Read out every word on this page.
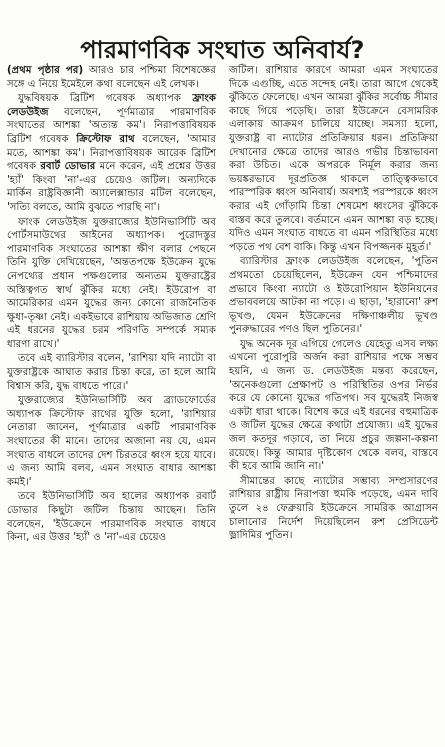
পারমাণবিক সংঘাত অনিবার্য?

(প্রথম পৃষ্ঠার পর) আরও চার পশ্চিমা বিশেষজ্ঞের সঙ্গে এ নিয়ে ইমেইলে কথা বলেছেন এই লেখক।

যুদ্ধবিষয়ক ব্রিটিশ গবেষক অধ্যাপক ফ্রাংক লেডউইজ বলেছেন, পূর্ণমাত্রার পারমাণবিক সংঘাতের আশঙ্কা 'অত্যন্ত কম'। নিরাপত্তাবিষয়ক ব্রিটিশ গবেষক ক্রিস্টোফ রাথ বলেছেন, 'আমার মতে, আশঙ্কা কম'। নিরাপত্তাবিষয়ক আরেক ব্রিটিশ গবেষক রবার্ট ডোভার মনে করেন, এই প্রশ্নের উত্তর 'হ্যাঁ' কিংবা 'না'-এর চেয়েও জটিল। অন্যদিকে মার্কিন রাষ্ট্রবিজ্ঞানী অ্যালেক্সান্ডার মটিল বলেছেন, 'সত্যি বলতে, আমি বুঝতে পারছি না'।

ফাংক লেডউইজ যুক্তরাজ্যের ইউনিভার্সিটি অব পোর্টসমাউথের আইনের অধ্যাপক। পুরোদস্তুর পারমাণবিক সংঘাতের আশঙ্কা ক্ষীণ বলার পেছনে তিনি যুক্তি দেখিয়েছেন, 'অন্ততপক্ষে ইউক্রেন যুদ্ধে নেপথ্যের প্রধান পক্ষগুলোর অন্যতম যুক্তরাষ্ট্রের অস্তিত্বগত স্বার্থ ঝুঁকির মধ্যে নেই। ইউরোপ বা আমেরিকার এমন যুদ্ধের জন্য কোনো রাজনৈতিক ক্ষুধা-তৃষ্ণা নেই। একইভাবে রাশিয়ায় অভিজাত শ্রেণি এই ধরনের যুদ্ধের চরম পরিণতি সম্পর্কে সম্যক ধারণা রাখে।'

তবে এই ব্যারিস্টার বলেন, 'রাশিয়া যদি ন্যাটো বা যুক্তরাষ্ট্রকে আঘাত করার চিন্তা করে, তা হলে আমি বিশ্বাস করি, যুদ্ধ বাধতে পারে।'

যুক্তরাজ্যের ইউনিভার্সিটি অব ব্র্যাডফোর্ডের অধ্যাপক ক্রিস্টোফ রাথের যুক্তি হলো, 'রাশিয়ার নেতারা জানেন, পূর্ণমাত্রার একটি পারমাণবিক সংঘাতের কী মানে। তাদের অজানা নয় যে, এমন সংঘাত বাধলে তাদের দেশ চিরতরে ধ্বংস হয়ে যাবে। এ জন্য আমি বলব, এমন সংঘাত বাধার আশঙ্কা কমই।'

তবে ইউনিভার্সিটি অব হালের অধ্যাপক রবার্ট ডোভার কিছুটা জটিল চিন্তায় আছেন। তিনি বলেছেন, 'ইউক্রেনে পারমাণবিক সংঘাত বাধবে কিনা, এর উত্তর 'হ্যাঁ' ও 'না'-এর চেয়েও

জটিল। রাশিয়ার কারণে আমরা এমন সংঘাতের দিকে এগুচ্ছি, এতে সন্দেহ নেই। তারা আগে থেকেই ঝুঁকিতে ফেলেছে। এখন আমরা ঝুঁকির সর্বোচ্চ সীমার কাছে গিয়ে পড়েছি। তারা ইউক্রেনে বেসামরিক এলাকায় আক্রমণ চালিয়ে যাচ্ছে। সমস্যা হলো, যুক্তরাষ্ট্র বা ন্যাটোর প্রতিক্রিয়ার ধরন। প্রতিক্রিয়া দেখানোর ক্ষেত্রে তাদের আরও গভীর চিন্তাভাবনা করা উচিত। একে অপরকে নির্মূল করার জন্য ভয়ঙ্করভাবে দূরপ্রতিজ্ঞ থাকলে তাত্ত্বিকভাবে পারস্পরিক ধ্বংস অনিবার্য। অবশ্যই পরস্পরকে ধ্বংস করার এই গোঁড়ামি চিন্তা শেষমেশ ধ্বংসের ঝুঁকিকে বাস্তব করে তুলবে। বর্তমানে এমন আশঙ্কা বড় হচ্ছে। যদিও এমন সংঘাত বাধতে বা এমন পরিস্থিতির মধ্যে পড়তে পথ বেশ বাকি। কিন্তু এখন বিপজ্জনক মুহূর্ত।'

ব্যারিস্টার ফ্রাংক লেডউইজ বলেছেন, 'পুতিন প্রথমতো চেয়েছিলেন, ইউক্রেন যেন পশ্চিমাদের প্রভাবে কিংবা ন্যাটো ও ইউরোপিয়ান ইউনিয়নের প্রভাববলয়ে আটকা না পড়ে। এ ছাড়া, 'হারানো' রুশ ভূখণ্ড, যেমন ইউক্রেনের দক্ষিণাঞ্চলীয় ভূখণ্ড পুনরুদ্ধারের পণও ছিল পুতিনের।'

যুদ্ধ অনেক দূর এগিয়ে গেলেও যেহেতু এসব লক্ষ্য এখনো পুরোপুরি অর্জন করা রাশিয়ার পক্ষে সম্ভব হয়নি, এ জন্য ড. লেডউইজ মন্তব্য করেছেন, 'অনেকগুলো প্রেক্ষাপট ও পরিস্থিতির ওপর নির্ভর করে যে কোনো যুদ্ধের গতিপথ। সব যুদ্ধেরই নিজস্ব একটা ধারা থাকে। বিশেষ করে এই ধরনের বহুমাত্রিক ও জটিল যুদ্ধের ক্ষেত্রে কথাটা প্রযোজ্য। এই যুদ্ধের জল কতদূর গড়াবে, তা নিয়ে প্রচুর জল্পনা-কল্পনা রয়েছে। কিন্তু আমার দৃষ্টিকোণ থেকে বলব, বাস্তবে কী হবে আমি জানি না।'

সীমান্তের কাছে ন্যাটোর সম্ভাব্য সম্প্রসারণের রাশিয়ার রাষ্ট্রীয় নিরাপত্তা হুমকি পড়েছে, এমন দাবি তুলে ২৪ ফেব্রুয়ারি ইউক্রেনে সামরিক আগ্রাসন চালানোর নির্দেশ দিয়েছিলেন রুশ প্রেসিডেন্ট ভ্লাদিমির পুতিন।
